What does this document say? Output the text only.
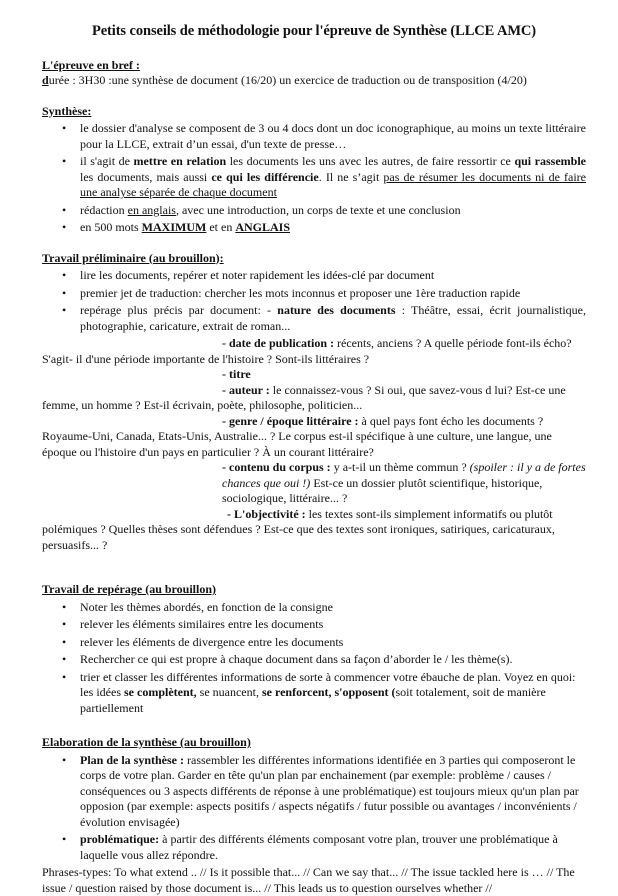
Petits conseils de méthodologie pour l'épreuve de Synthèse (LLCE AMC)

L'épreuve en bref :

durée : 3H30 :une synthèse de document (16/20) un exercice de traduction ou de transposition (4/20)

Synthèse:

• le dossier d'analyse se composent de 3 ou 4 docs dont un doc iconographique, au moins un texte littéraire pour la LLCE, extrait d’un essai, d'un texte de presse…
• il s'agit de mettre en relation les documents les uns avec les autres, de faire ressortir ce qui rassemble les documents, mais aussi ce qui les différencie. Il ne s’agit pas de résumer les documents ni de faire une analyse séparée de chaque document
• rédaction en anglais, avec une introduction, un corps de texte et une conclusion
• en 500 mots MAXIMUM et en ANGLAIS

Travail préliminaire (au brouillon):

• lire les documents, repérer et noter rapidement les idées-clé par document
• premier jet de traduction: chercher les mots inconnus et proposer une 1ère traduction rapide
• repérage plus précis par document: - nature des documents : Théâtre, essai, écrit journalistique, photographie, caricature, extrait de roman...

- date de publication : récents, anciens ? A quelle période font-ils écho?

S'agit- il d'une période importante de l'histoire ? Sont-ils littéraires ?

- titre

- auteur : le connaissez-vous ? Si oui, que savez-vous d lui? Est-ce une

femme, un homme ? Est-il écrivain, poète, philosophe, politicien...

- genre / époque littéraire : à quel pays font écho les documents ?

Royaume-Uni, Canada, Etats-Unis, Australie... ? Le corpus est-il spécifique à une culture, une langue, une époque ou l'histoire d'un pays en particulier ? À un courant littéraire?

- contenu du corpus : y a-t-il un thème commun ? (spoiler : il y a de fortes chances que oui !) Est-ce un dossier plutôt scientifique, historique, sociologique, littéraire... ?

- L'objectivité : les textes sont-ils simplement informatifs ou plutôt

polémiques ? Quelles thèses sont défendues ? Est-ce que des textes sont ironiques, satiriques, caricaturaux, persuasifs... ?

Travail de repérage (au brouillon)

• Noter les thèmes abordés, en fonction de la consigne
• relever les éléments similaires entre les documents
• relever les éléments de divergence entre les documents
• Rechercher ce qui est propre à chaque document dans sa façon d’aborder le / les thème(s).
• trier et classer les différentes informations de sorte à commencer votre ébauche de plan. Voyez en quoi: les idées se complètent, se nuancent, se renforcent, s'opposent (soit totalement, soit de manière partiellement

Elaboration de la synthèse (au brouillon)

• Plan de la synthèse : rassembler les différentes informations identifiée en 3 parties qui composeront le corps de votre plan. Garder en tête qu'un plan par enchainement (par exemple: problème / causes / conséquences ou 3 aspects différents de réponse à une problématique) est toujours mieux qu'un plan par opposion (par exemple: aspects positifs / aspects négatifs / futur possible ou avantages / inconvénients / évolution envisagée)
• problématique: à partir des différents éléments composant votre plan, trouver une problématique à laquelle vous allez répondre.

Phrases-types: To what extend .. // Is it possible that... // Can we say that... // The issue tackled here is … // The issue / question raised by those document is... // This leads us to question ourselves whether //
